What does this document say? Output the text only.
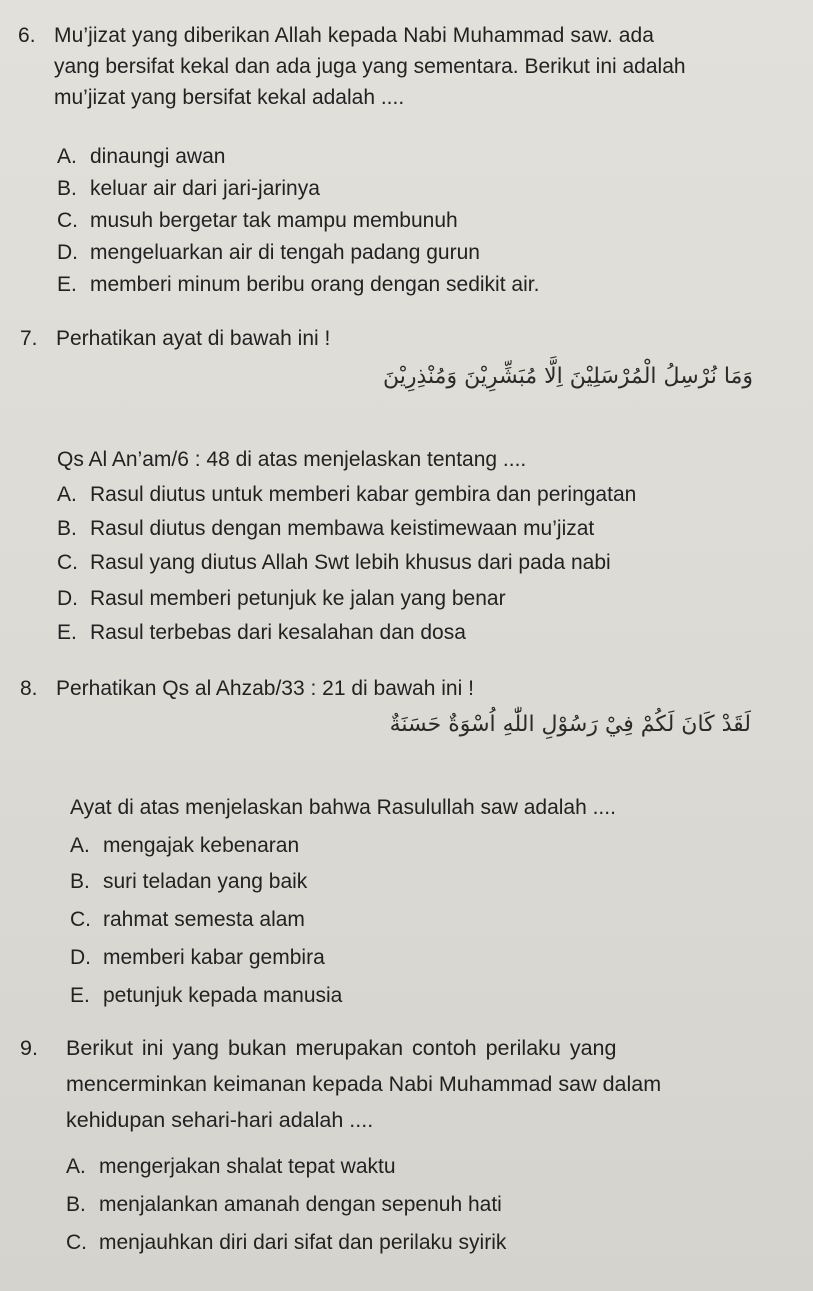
6. Mu’jizat yang diberikan Allah kepada Nabi Muhammad saw. ada
yang bersifat kekal dan ada juga yang sementara. Berikut ini adalah
mu’jizat yang bersifat kekal adalah ....
A. dinaungi awan
B. keluar air dari jari-jarinya
C. musuh bergetar tak mampu membunuh
D. mengeluarkan air di tengah padang gurun
E. memberi minum beribu orang dengan sedikit air.
7. Perhatikan ayat di bawah ini !
وَمَا نُرْسِلُ الْمُرْسَلِيْنَ اِلَّا مُبَشِّرِيْنَ وَمُنْذِرِيْنَ
Qs Al An’am/6 : 48 di atas menjelaskan tentang ....
A. Rasul diutus untuk memberi kabar gembira dan peringatan
B. Rasul diutus dengan membawa keistimewaan mu’jizat
C. Rasul yang diutus Allah Swt lebih khusus dari pada nabi
D. Rasul memberi petunjuk ke jalan yang benar
E. Rasul terbebas dari kesalahan dan dosa
8. Perhatikan Qs al Ahzab/33 : 21 di bawah ini !
لَقَدْ كَانَ لَكُمْ فِيْ رَسُوْلِ اللّٰهِ اُسْوَةٌ حَسَنَةٌ
Ayat di atas menjelaskan bahwa Rasulullah saw adalah ....
A. mengajak kebenaran
B. suri teladan yang baik
C. rahmat semesta alam
D. memberi kabar gembira
E. petunjuk kepada manusia
9. Berikut ini yang bukan merupakan contoh perilaku yang
mencerminkan keimanan kepada Nabi Muhammad saw dalam
kehidupan sehari-hari adalah ....
A. mengerjakan shalat tepat waktu
B. menjalankan amanah dengan sepenuh hati
C. menjauhkan diri dari sifat dan perilaku syirik
